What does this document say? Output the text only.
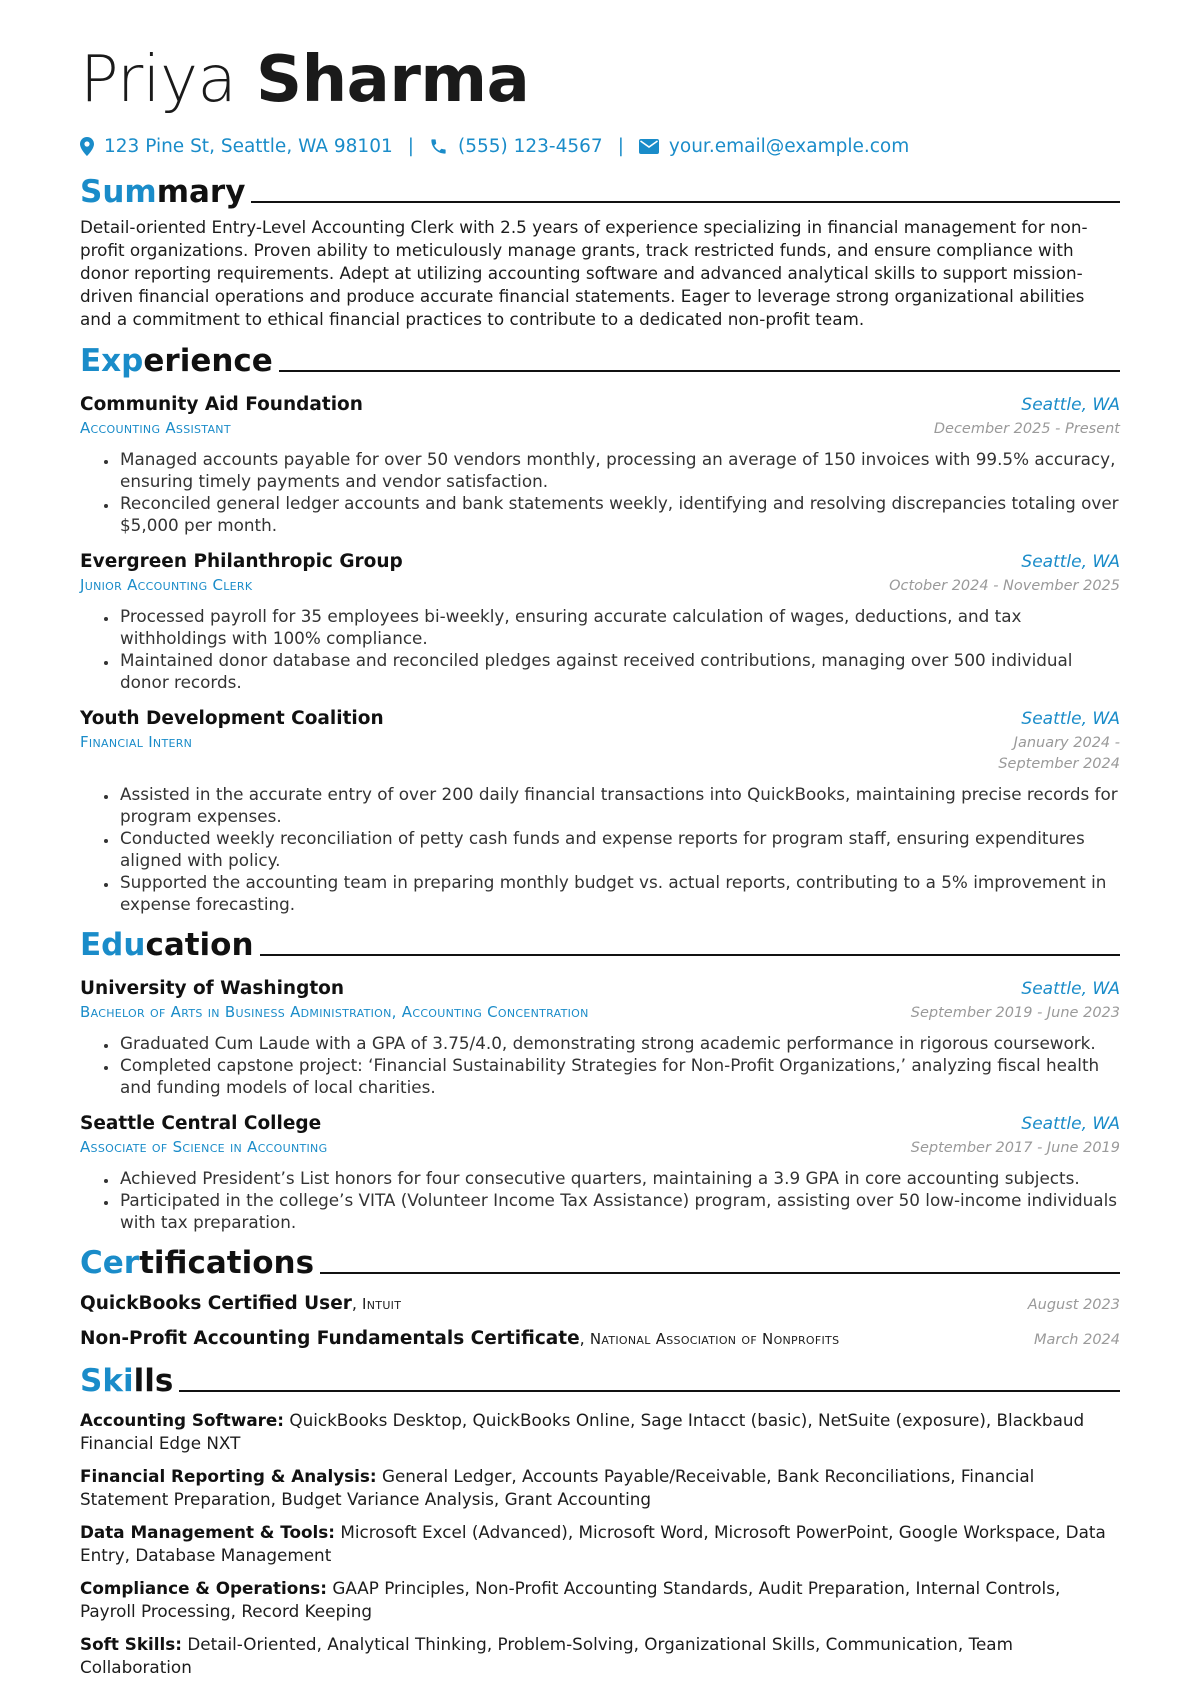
Priya Sharma
123 Pine St, Seattle, WA 98101 | (555) 123-4567 | your.email@example.com
Summary

Detail-oriented Entry-Level Accounting Clerk with 2.5 years of experience specializing in financial management for non-profit organizations. Proven ability to meticulously manage grants, track restricted funds, and ensure compliance with donor reporting requirements. Adept at utilizing accounting software and advanced analytical skills to support mission-driven financial operations and produce accurate financial statements. Eager to leverage strong organizational abilities and a commitment to ethical financial practices to contribute to a dedicated non-profit team.

Experience
Community Aid Foundation	Seattle, WA
Accounting Assistant	December 2025 - Present
• Managed accounts payable for over 50 vendors monthly, processing an average of 150 invoices with 99.5% accuracy, ensuring timely payments and vendor satisfaction.
• Reconciled general ledger accounts and bank statements weekly, identifying and resolving discrepancies totaling over $5,000 per month.
Evergreen Philanthropic Group	Seattle, WA
Junior Accounting Clerk	October 2024 - November 2025
• Processed payroll for 35 employees bi-weekly, ensuring accurate calculation of wages, deductions, and tax withholdings with 100% compliance.
• Maintained donor database and reconciled pledges against received contributions, managing over 500 individual donor records.
Youth Development Coalition	Seattle, WA
Financial Intern	January 2024 - September 2024
• Assisted in the accurate entry of over 200 daily financial transactions into QuickBooks, maintaining precise records for program expenses.
• Conducted weekly reconciliation of petty cash funds and expense reports for program staff, ensuring expenditures aligned with policy.
• Supported the accounting team in preparing monthly budget vs. actual reports, contributing to a 5% improvement in expense forecasting.
Education
University of Washington	Seattle, WA
Bachelor of Arts in Business Administration, Accounting Concentration	September 2019 - June 2023
• Graduated Cum Laude with a GPA of 3.75/4.0, demonstrating strong academic performance in rigorous coursework.
• Completed capstone project: ‘Financial Sustainability Strategies for Non-Profit Organizations,’ analyzing fiscal health and funding models of local charities.
Seattle Central College	Seattle, WA
Associate of Science in Accounting	September 2017 - June 2019
• Achieved President’s List honors for four consecutive quarters, maintaining a 3.9 GPA in core accounting subjects.
• Participated in the college’s VITA (Volunteer Income Tax Assistance) program, assisting over 50 low-income individuals with tax preparation.
Certifications
QuickBooks Certified User, Intuit	August 2023
Non-Profit Accounting Fundamentals Certificate, National Association of Nonprofits	March 2024
Skills
Accounting Software: QuickBooks Desktop, QuickBooks Online, Sage Intacct (basic), NetSuite (exposure), Blackbaud Financial Edge NXT
Financial Reporting & Analysis: General Ledger, Accounts Payable/Receivable, Bank Reconciliations, Financial Statement Preparation, Budget Variance Analysis, Grant Accounting
Data Management & Tools: Microsoft Excel (Advanced), Microsoft Word, Microsoft PowerPoint, Google Workspace, Data Entry, Database Management
Compliance & Operations: GAAP Principles, Non-Profit Accounting Standards, Audit Preparation, Internal Controls, Payroll Processing, Record Keeping
Soft Skills: Detail-Oriented, Analytical Thinking, Problem-Solving, Organizational Skills, Communication, Team Collaboration
